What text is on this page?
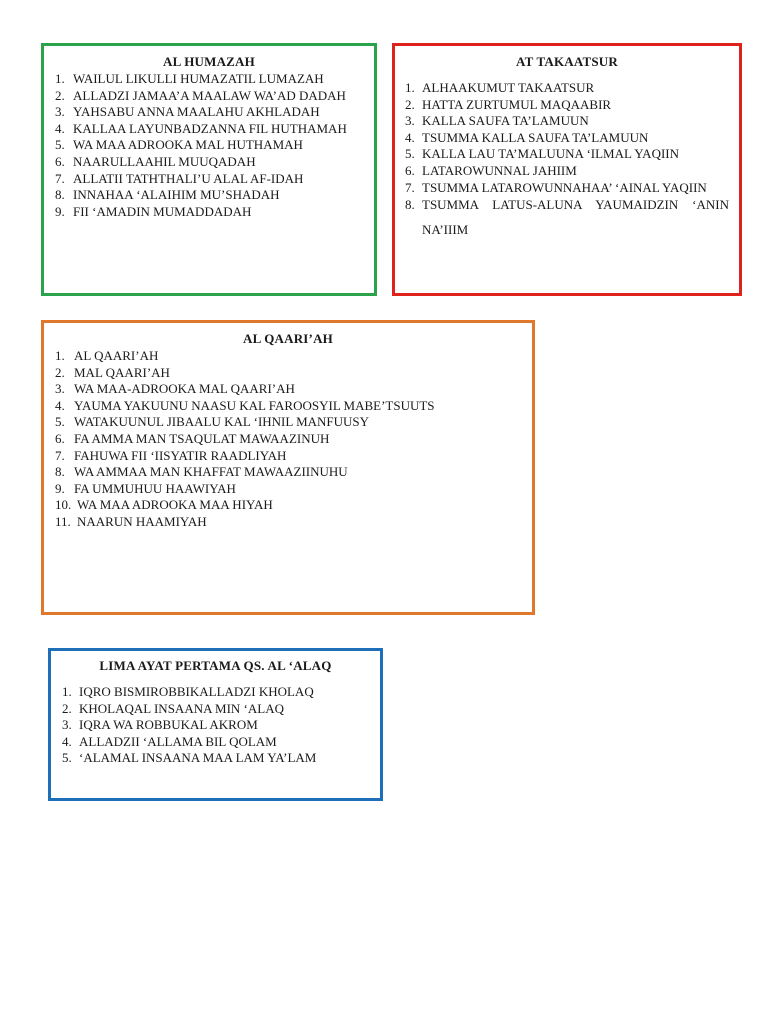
AL HUMAZAH
1. WAILUL LIKULLI HUMAZATIL LUMAZAH
2. ALLADZI JAMAA’A MAALAW WA’AD DADAH
3. YAHSABU ANNA MAALAHU AKHLADAH
4. KALLAA LAYUNBADZANNA FIL HUTHAMAH
5. WA MAA ADROOKA MAL HUTHAMAH
6. NAARULLAAHIL MUUQADAH
7. ALLATII TATHTHALI’U ALAL AF-IDAH
8. INNAHAA ‘ALAIHIM MU’SHADAH
9. FII ‘AMADIN MUMADDADAH
AT TAKAATSUR
1. ALHAAKUMUT TAKAATSUR
2. HATTA ZURTUMUL MAQAABIR
3. KALLA SAUFA TA’LAMUUN
4. TSUMMA KALLA SAUFA TA’LAMUUN
5. KALLA LAU TA’MALUUNA ‘ILMAL YAQIIN
6. LATAROWUNNAL JAHIIM
7. TSUMMA LATAROWUNNAHAA’ ‘AINAL YAQIIN
8. TSUMMA LATUS-ALUNA YAUMAIDZIN ‘ANIN NA’IIIM
AL QAARI’AH
1. AL QAARI’AH
2. MAL QAARI’AH
3. WA MAA-ADROOKA MAL QAARI’AH
4. YAUMA YAKUUNU NAASU KAL FAROOSYIL MABE’TSUUTS
5. WATAKUUNUL JIBAALU KAL ‘IHNIL MANFUUSY
6. FA AMMA MAN TSAQULAT MAWAAZINUH
7. FAHUWA FII ‘IISYATIR RAADLIYAH
8. WA AMMAA MAN KHAFFAT MAWAAZIINUHU
9. FA UMMUHUU HAAWIYAH
10. WA MAA ADROOKA MAA HIYAH
11. NAARUN HAAMIYAH
LIMA AYAT PERTAMA QS. AL ‘ALAQ
1. IQRO BISMIROBBIKALLADZI KHOLAQ
2. KHOLAQAL INSAANA MIN ‘ALAQ
3. IQRA WA ROBBUKAL AKROM
4. ALLADZII ‘ALLAMA BIL QOLAM
5. ‘ALAMAL INSAANA MAA LAM YA’LAM
